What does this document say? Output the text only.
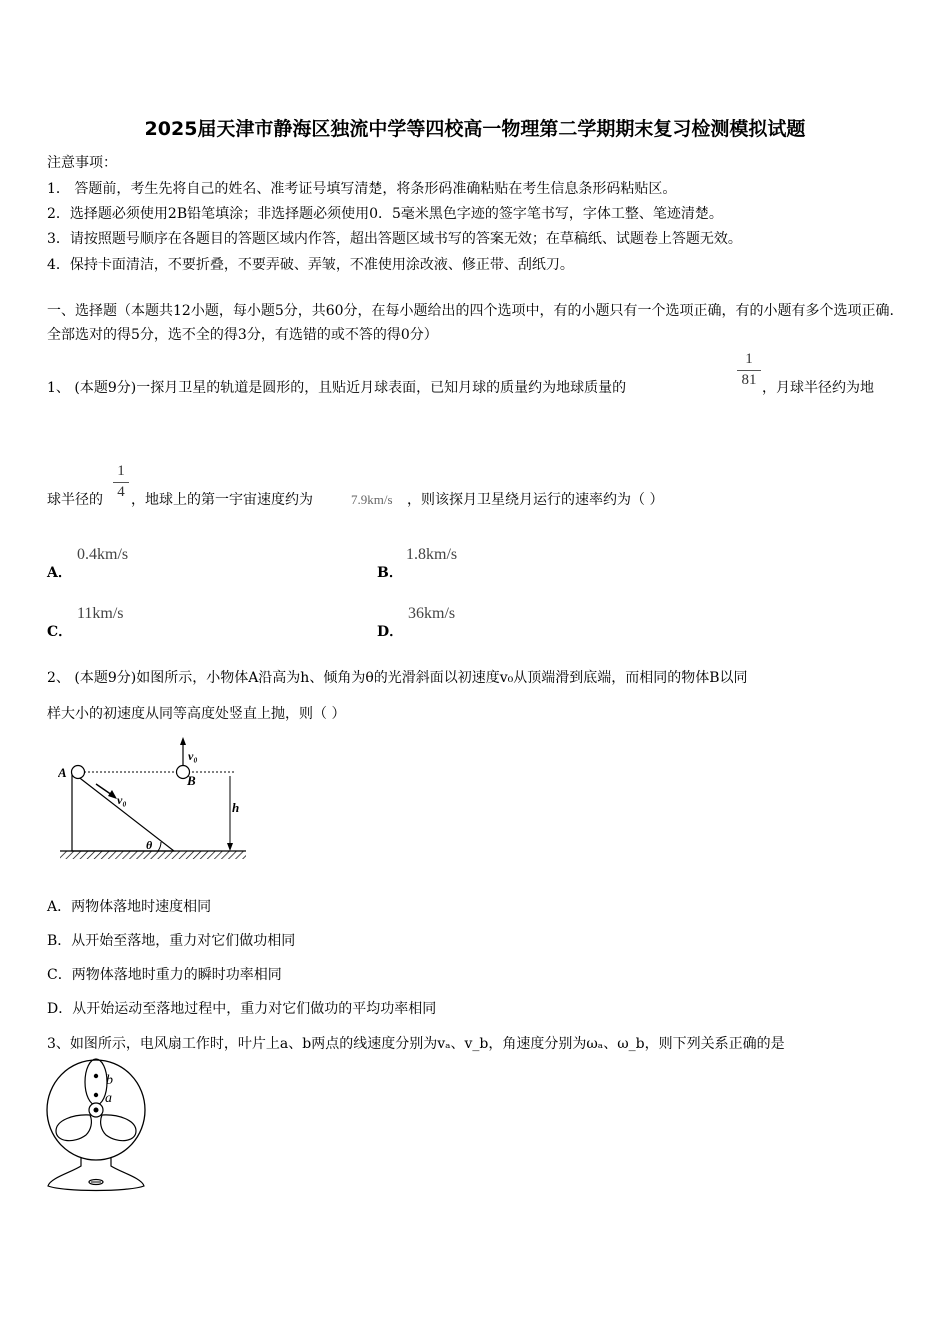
2025届天津市静海区独流中学等四校高一物理第二学期期末复习检测模拟试题
注意事项：
1． 答题前，考生先将自己的姓名、准考证号填写清楚，将条形码准确粘贴在考生信息条形码粘贴区。
2．选择题必须使用2B铅笔填涂；非选择题必须使用0．5毫米黑色字迹的签字笔书写，字体工整、笔迹清楚。
3．请按照题号顺序在各题目的答题区域内作答，超出答题区域书写的答案无效；在草稿纸、试题卷上答题无效。
4．保持卡面清洁，不要折叠，不要弄破、弄皱，不准使用涂改液、修正带、刮纸刀。
一、选择题（本题共12小题，每小题5分，共60分，在每小题给出的四个选项中，有的小题只有一个选项正确，有的小题有多个选项正确.全部选对的得5分，选不全的得3分，有选错的或不答的得0分）
1、 (本题9分)一探月卫星的轨道是圆形的，且贴近月球表面，已知月球的质量约为地球质量的	$\frac{1}{81}$ ，月球半径约为地
球半径的 $\frac{1}{4}$ ，地球上的第一宇宙速度约为	7.9km/s ，则该探月卫星绕月运行的速率约为（ ）
A．
0.4km/s
B．
1.8km/s
C．
11km/s
D．
36km/s
2、 (本题9分)如图所示，小物体A沿高为h、倾角为θ的光滑斜面以初速度v₀从顶端滑到底端，而相同的物体B以同
样大小的初速度从同等高度处竖直上抛，则（ ）
A
B
v₀
v₀	h
θ
A．两物体落地时速度相同
B．从开始至落地，重力对它们做功相同
C．两物体落地时重力的瞬时功率相同
D．从开始运动至落地过程中，重力对它们做功的平均功率相同
3、如图所示，电风扇工作时，叶片上a、b两点的线速度分别为vₐ、v_b，角速度分别为ωₐ、ω_b，则下列关系正确的是
a
b
